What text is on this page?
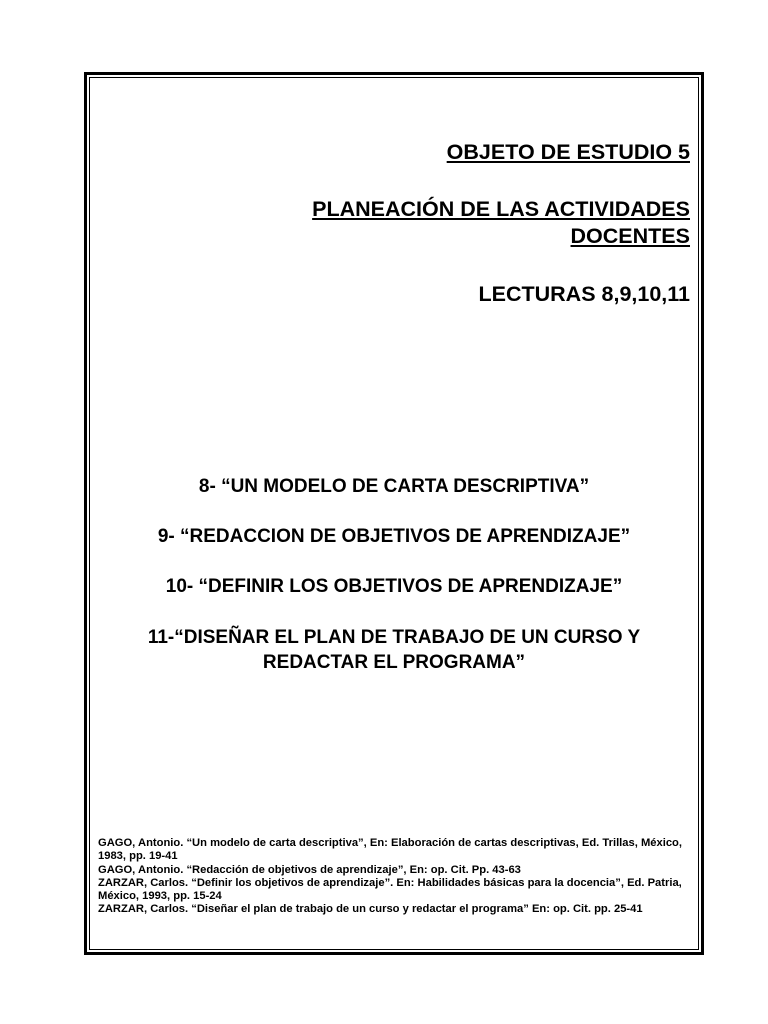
OBJETO DE ESTUDIO 5
PLANEACIÓN DE LAS ACTIVIDADES DOCENTES
LECTURAS 8,9,10,11
8- “UN MODELO DE CARTA DESCRIPTIVA”
9- “REDACCION DE OBJETIVOS DE APRENDIZAJE”
10- “DEFINIR LOS OBJETIVOS DE APRENDIZAJE”
11-“DISEÑAR EL PLAN DE TRABAJO DE UN CURSO Y REDACTAR EL PROGRAMA”

GAGO, Antonio. “Un modelo de carta descriptiva”, En: Elaboración de cartas descriptivas, Ed. Trillas, México, 1983, pp. 19-41

GAGO, Antonio. “Redacción de objetivos de aprendizaje”, En: op. Cit. Pp. 43-63

ZARZAR, Carlos. “Definir los objetivos de aprendizaje”. En: Habilidades básicas para la docencia”, Ed. Patria, México, 1993, pp. 15-24

ZARZAR, Carlos. “Diseñar el plan de trabajo de un curso y redactar el programa” En: op. Cit. pp. 25-41
